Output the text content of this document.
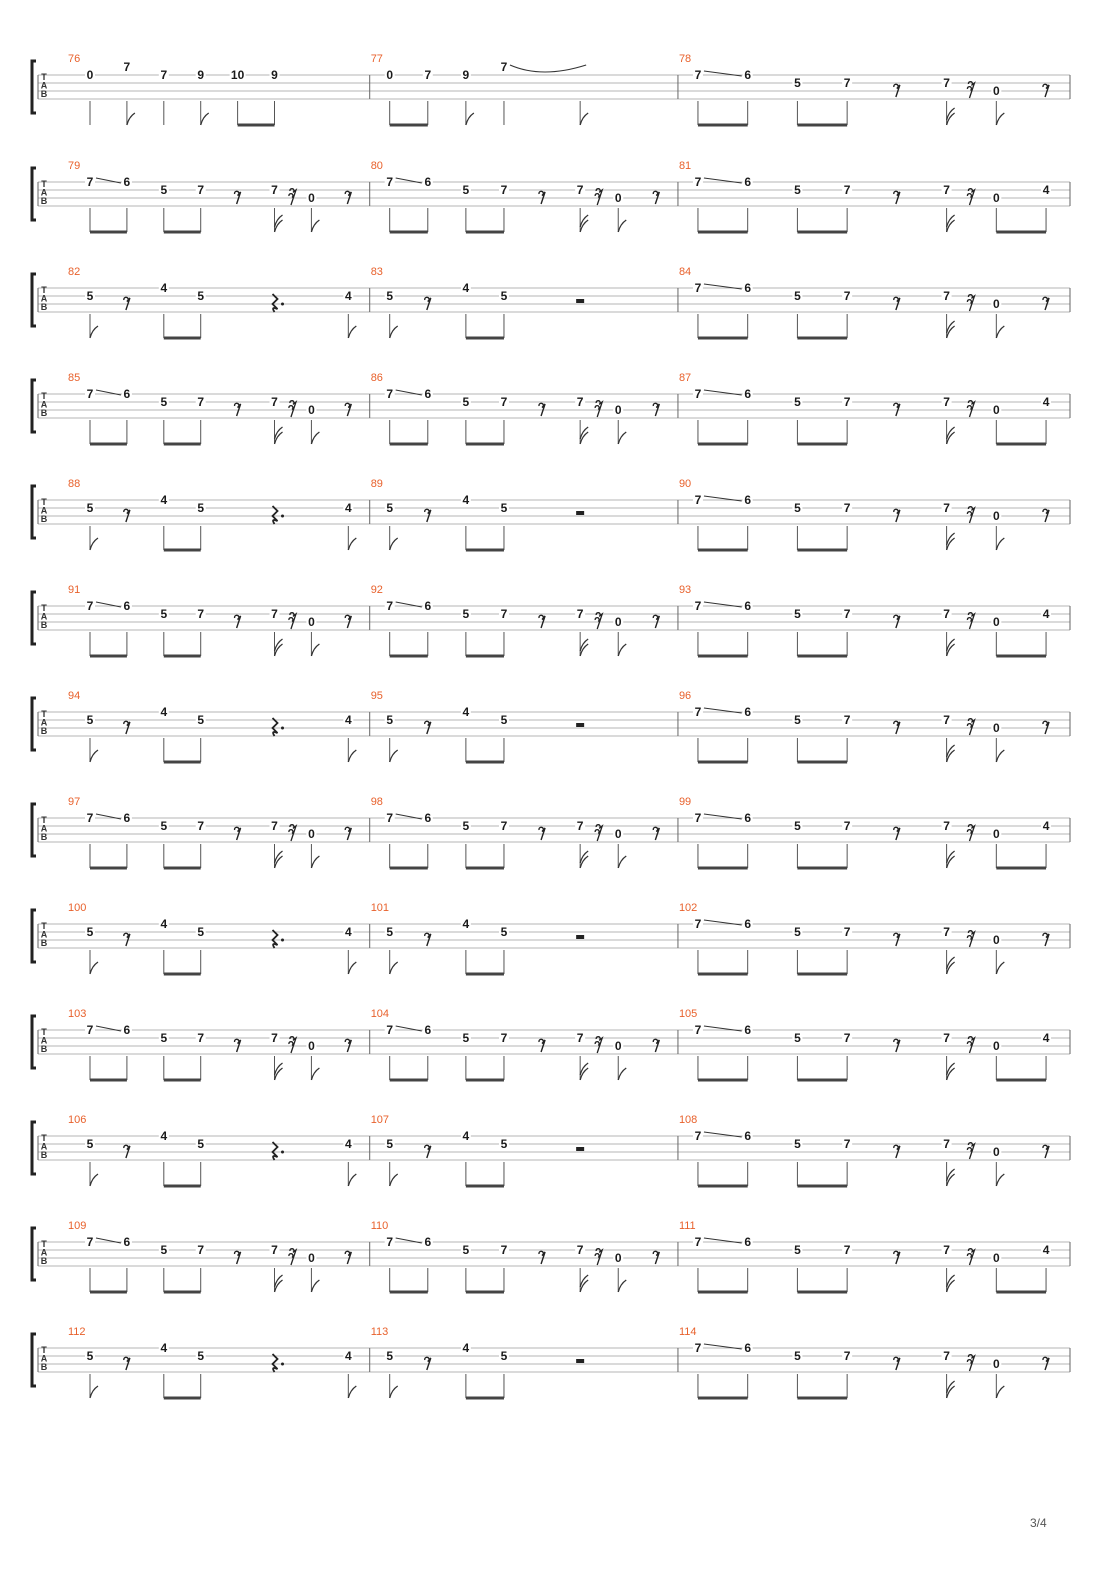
T
A
B
76
0
7
7	9 10 9
77
0	7	9
7
78
7	6
5	7	7
0
T
A
B
79
7	6
5	7	7
0
80
7	6
5	7	7
0
81
7	6
5	7	7
0
4
T
A
B
82
5
4
5	4
83
5
4
5
84
7	6
5	7	7
0
T
A
B
85
7	6
5	7	7
0
86
7	6
5	7	7
0
87
7	6
5	7	7
0
4
T
A
B
88
5
4
5	4
89
5
4
5
90
7	6
5	7	7
0
T
A
B
91
7	6
5	7	7
0
92
7	6
5	7	7
0
93
7	6
5	7	7
0
4
T
A
B
94
5
4
5	4
95
5
4
5
96
7	6
5	7	7
0
T
A
B
97
7	6
5	7	7
0
98
7	6
5	7	7
0
99
7	6
5	7	7
0
4
T
A
B
100
5
4
5	4
101
5
4
5
102
7	6
5	7	7
0
T
A
B
103
7	6
5	7	7
0
104
7	6
5	7	7
0
105
7	6
5	7	7
0
4
T
A
B
106
5
4
5	4
107
5
4
5
108
7	6
5	7	7
0
T
A
B
109
7	6
5	7	7
0
110
7	6
5	7	7
0
111
7	6
5	7	7
0
4
T
A
B
112
5
4
5	4
113
5
4
5
114
7	6
5	7	7
0
3/4
